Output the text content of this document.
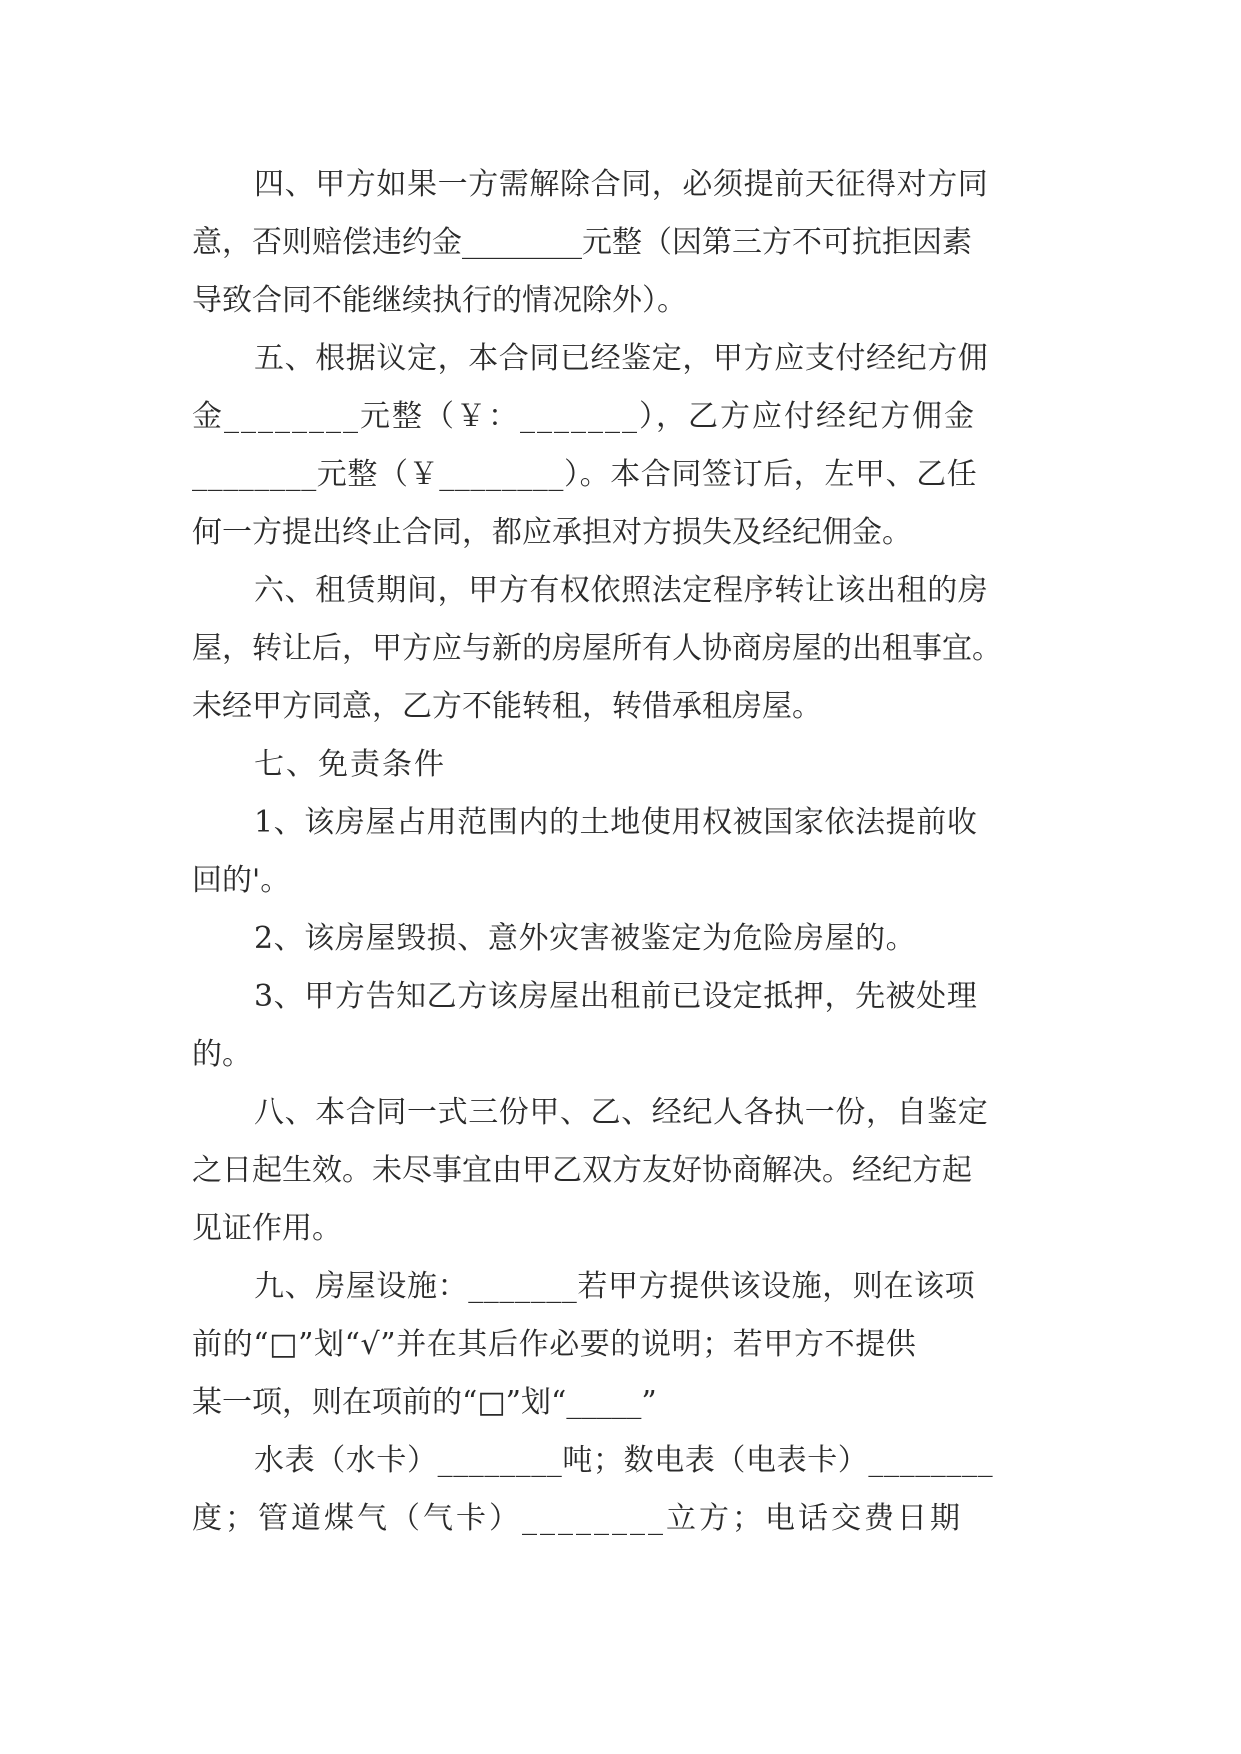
四、甲方如果一方需解除合同，必须提前天征得对方同
意，否则赔偿违约金________元整（因第三方不可抗拒因素
导致合同不能继续执行的情况除外）。
五、根据议定，本合同已经鉴定，甲方应支付经纪方佣
金________元整（￥：_______），乙方应付经纪方佣金
________元整（￥________）。本合同签订后，左甲、乙任
何一方提出终止合同，都应承担对方损失及经纪佣金。
六、租赁期间，甲方有权依照法定程序转让该出租的房
屋，转让后，甲方应与新的房屋所有人协商房屋的出租事宜。
未经甲方同意，乙方不能转租，转借承租房屋。
七、免责条件
1、该房屋占用范围内的土地使用权被国家依法提前收
回的'。
2、该房屋毁损、意外灾害被鉴定为危险房屋的。
3、甲方告知乙方该房屋出租前已设定抵押，先被处理
的。
八、本合同一式三份甲、乙、经纪人各执一份，自鉴定
之日起生效。未尽事宜由甲乙双方友好协商解决。经纪方起
见证作用。
九、房屋设施：_______若甲方提供该设施，则在该项
前的“□”划“√”并在其后作必要的说明；若甲方不提供
某一项，则在项前的“□”划“_____”
水表（水卡）________吨；数电表（电表卡）________
度；管道煤气（气卡）________立方；电话交费日期
